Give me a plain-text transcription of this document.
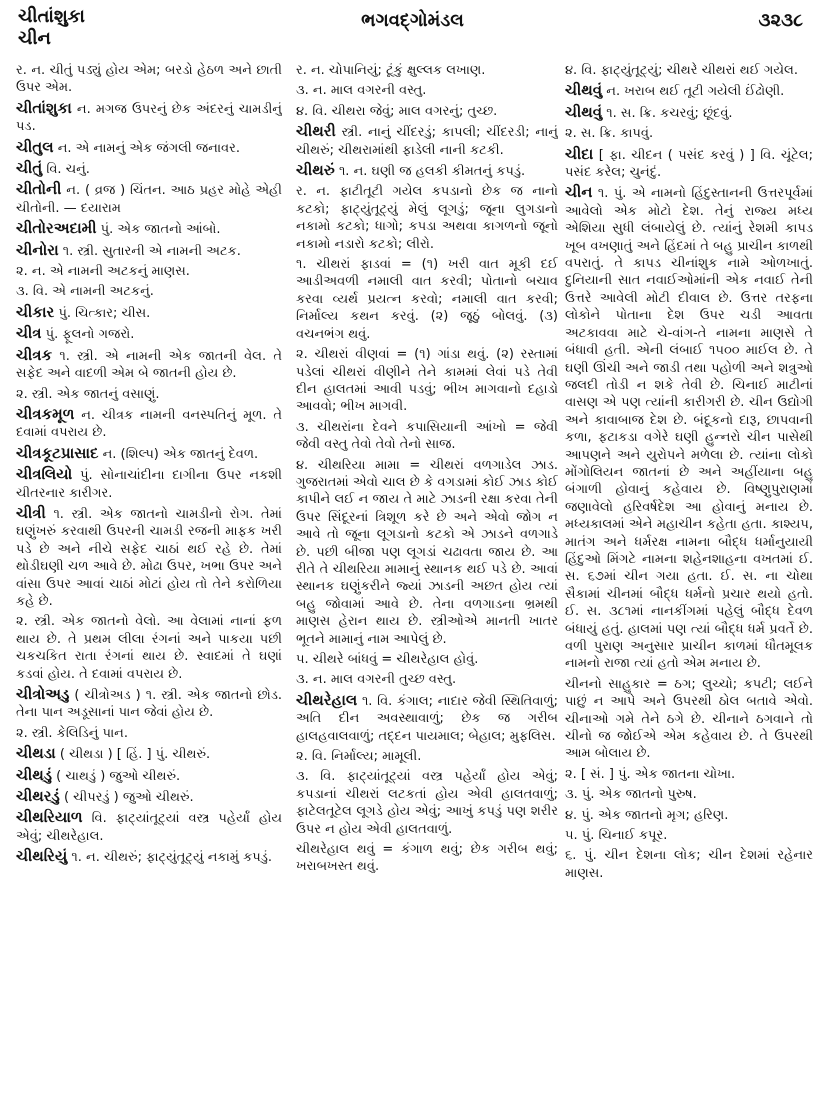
ચીતાંશુકા
ચીન
ભગવદ્ગોમંડલ	૩૨૩૮

ર. ન. ચીતું પડ્યું હોય એમ; બરડો હેઠળ અને છાતી ઉપર એમ.

ચીતાંશુકા ન. મગજ ઉપરનું છેક અંદરનું ચામડીનું પડ.

ચીતુલ ન. એ નામનું એક જંગલી જનાવર.

ચીતું વિ. ચનું.

ચીતોની ન. ( વ્રજ ) ચિંતન. આઠ પ્રહર મોહે એહી ચીતોની. — દયારામ

ચીતોરઅદામી પું. એક જાતનો આંબો.

ચીનોરા ૧. સ્ત્રી. સુતારની એ નામની અટક.

૨. ન. એ નામની અટકનું માણસ.

૩. વિ. એ નામની અટકનું.

ચીકાર પું. ચિત્કાર; ચીસ.

ચીત્ર પું. ફૂલનો ગજરો.

ચીત્રક ૧. સ્ત્રી. એ નામની એક જાતની વેલ. તે સફેદ અને વાદળી એમ બે જાતની હોય છે.

૨. સ્ત્રી. એક જાતનું વસાણું.

ચીત્રકમૂળ ન. ચીત્રક નામની વનસ્પતિનું મૂળ. તે દવામાં વપરાય છે.

ચીત્રકૂટપ્રાસાદ ન. (શિલ્પ) એક જાતનું દેવળ.

ચીત્રલિયો પું. સોનાચાંદીના દાગીના ઉપર નકશી ચીતરનાર કારીગર.

ચીત્રી ૧. સ્ત્રી. એક જાતનો ચામડીનો રોગ. તેમાં ઘણુંખરું કરવાથી ઉપરની ચામડી રજની માફક ખરી પડે છે અને નીચે સફેદ ચાઠાં થઈ રહે છે. તેમાં થોડીઘણી ચળ આવે છે. મોઢા ઉપર, ખભા ઉપર અને વાંસા ઉપર આવાં ચાઠાં મોટાં હોય તો તેને કરોળિયા કહે છે.

૨. સ્ત્રી. એક જાતનો વેલો. આ વેલામાં નાનાં ફળ થાય છે. તે પ્રથમ લીલા રંગનાં અને પાકયા પછી ચકચકિત રાતા રંગનાં થાય છે. સ્વાદમાં તે ઘણાં કડવાં હોય. તે દવામાં વપરાય છે.

ચીત્રોઅડુ ( ચીત્રોઅડ ) ૧. સ્ત્રી. એક જાતનો છોડ. તેના પાન અડૂસાનાં પાન જેવાં હોય છે.

૨. સ્ત્રી. કેલિડિનું પાન.

ચીથડા ( ચીથડા ) [ હિં. ] પું. ચીથરું.

ચીથડું ( ચાથડું ) જુઓ ચીથરું.

ચીથરડું ( ચીપરડું ) જુઓ ચીથરું.

ચીથરિયાળ વિ. ફાટ્યાંતૂટ્યાં વસ્ત્ર પહેર્યાં હોય એવું; ચીથરેહાલ.

ચીથરિયું ૧. ન. ચીથરું; ફાટ્યુંતૂટ્યું નકામું કપડું.

ર. ન. ચોપાનિયું; ટૂંકું ક્ષુલ્લક લખાણ.

૩. ન. માલ વગરની વસ્તુ.

૪. વિ. ચીથરા જેવું; માલ વગરનું; તુચ્છ.

ચીથરી સ્ત્રી. નાનું ચીંદરડું; કાપલી; ચીંદરડી; નાનું ચીથરું; ચીથરામાંથી ફાડેલી નાની કટકી.

ચીથરું ૧. ન. ઘણી જ હલકી કીમતનું કપડું.

ર. ન. ફાટીતૂટી ગયેલ કપડાનો છેક જ નાનો કટકો; ફાટ્યુંતૂટ્યું મેલું લૂગડું; જૂના લુગડાનો નકામો કટકો; ધાગો; કપડા અથવા કાગળનો જૂનો નકામો નડારો કટકો; લીરો.

૧. ચીથરાં ફાડવાં = (૧) ખરી વાત મૂકી દઈ આડીઅવળી નમાલી વાત કરવી; પોતાનો બચાવ કરવા વ્યર્થ પ્રયત્ન કરવો; નમાલી વાત કરવી; નિર્માલ્ય કથન કરવું. (૨) જૂઠું બોલવું. (૩) વચનભંગ થવું.

૨. ચીથરાં વીણવાં = (૧) ગાંડા થવું. (૨) રસ્તામાં પડેલાં ચીથરાં વીણીને તેને કામમાં લેવાં પડે તેવી દીન હાલતમાં આવી પડવું; ભીખ માગવાનો દહાડો આવવો; ભીખ માગવી.

૩. ચીથરાંના દેવને કપાસિયાની આંખો = જેવી જેવી વસ્તુ તેવો તેવો તેનો સાજ.

૪. ચીથરિયા મામા = ચીથરાં વળગાડેલ ઝાડ. ગુજરાતમાં એવો ચાલ છે કે વગડામાં કોઈ ઝાડ કોઈ કાપીને લઈ ન જાય તે માટે ઝાડની રક્ષા કરવા તેની ઉપર સિંદૂરનાં ત્રિશૂળ કરે છે અને એવો જોગ ન આવે તો જૂના લૂગડાનો કટકો એ ઝાડને વળગાડે છે. પછી બીજા પણ લૂગડાં ચઢાવતા જાય છે. આ રીતે તે ચીથરિયા મામાનું સ્થાનક થઈ પડે છે. આવાં સ્થાનક ઘણુંકરીને જ્યાં ઝાડની અછત હોય ત્યાં બહુ જોવામાં આવે છે. તેના વળગાડના ભ્રમથી માણસ હેરાન થાય છે. સ્ત્રીઓએ માનતી ખાતર ભૂતને મામાનું નામ આપેલું છે.

૫. ચીથરે બાંધવું = ચીથરેહાલ હોવું.

૩. ન. માલ વગરની તુચ્છ વસ્તુ.

ચીથરેહાલ ૧. વિ. કંગાલ; નાદાર જેવી સ્થિતિવાળું; અતિ દીન અવસ્થાવાળું; છેક જ ગરીબ હાલહવાલવાળું; તદ્દન પાયમાલ; બેહાલ; મુફલિસ.

૨. વિ. નિર્માલ્ય; મામૂલી.

૩. વિ. ફાટ્યાંતૂટ્યાં વસ્ત્ર પહેર્યાં હોય એવું; કપડાનાં ચીથરાં લટકતાં હોય એવી હાલતવાળું; ફાટેલતૂટેલ લૂગડે હોય એવું; આખું કપડું પણ શરીર ઉપર ન હોય એવી હાલતવાળું.

ચીથરેહાલ થવું = કંગાળ થવું; છેક ગરીબ થવું; ખરાબખસ્ત થવું.

૪. વિ. ફાટ્યુંતૂટ્યું; ચીથરે ચીથરાં થઈ ગયેલ.

ચીથવું ન. ખરાબ થઈ તૂટી ગયેલી ઈંઢોણી.

ચીથવું ૧. સ. ક્રિ. કચરવું; છૂંદવું.

૨. સ. ક્રિ. કાપવું.

ચીદા [ ફા. ચીદન ( પસંદ કરવું ) ] વિ. ચૂંટેલ; પસંદ કરેલ; ચુનંદું.

ચીન ૧. પું. એ નામનો હિંદુસ્તાનની ઉત્તરપૂર્વમાં આવેલો એક મોટો દેશ. તેનું રાજ્ય મધ્ય એશિયા સુધી લંબાયેલું છે. ત્યાંનું રેશમી કાપડ ખૂબ વખણાતું અને હિંદમાં તે બહુ પ્રાચીન કાળથી વપરાતું. તે કાપડ ચીનાંશુક નામે ઓળખાતું. દુનિયાની સાત નવાઈઓમાંની એક નવાઈ તેની ઉત્તરે આવેલી મોટી દીવાલ છે. ઉત્તર તરફના લોકોને પોતાના દેશ ઉપર ચડી આવતા અટકાવવા માટે ચે-વાંગ-તે નામના માણસે તે બંધાવી હતી. એની લંબાઈ ૧૫૦૦ માઈલ છે. તે ઘણી ઊંચી અને જાડી તથા પહોળી અને શત્રુઓ જલદી તોડી ન શકે તેવી છે. ચિનાઈ માટીનાં વાસણ એ પણ ત્યાંની કારીગરી છે. ચીન ઉદ્યોગી અને કાવાબાજ દેશ છે. બંદૂકનો દારૂ, છાપવાની કળા, ફટાકડા વગેરે ઘણી હુન્નરો ચીન પાસેથી આપણને અને યુરોપને મળેલા છે. ત્યાંના લોકો મોંગોલિયન જાતનાં છે અને અહીંયાના બહુ બંગાળી હોવાનું કહેવાય છે. વિષ્ણુપુરાણમાં જણાવેલો હરિવર્ષદેશ આ હોવાનું મનાય છે. મધ્યકાલમાં એને મહાચીન કહેતા હતા. કાશ્યપ, માતંગ અને ધર્મરક્ષ નામના બૌદ્ધ ધર્માનુયાયી હિંદુઓ મિંગટે નામના શહેનશાહના વખતમાં ઈ. સ. ૬૭માં ચીન ગયા હતા. ઈ. સ. ના ચોથા સૈકામાં ચીનમાં બૌદ્ધ ધર્મનો પ્રચાર થયો હતો. ઈ. સ. ૩૮૧માં નાનકીંગમાં પહેલું બૌદ્ધ દેવળ બંધાયું હતું. હાલમાં પણ ત્યાં બૌદ્ધ ધર્મ પ્રવર્તે છે. વળી પુરાણ અનુસાર પ્રાચીન કાળમાં ધૌતમૂલક નામનો રાજા ત્યાં હતો એમ મનાય છે.

ચીનનો સાહુકાર = ઠગ; લુચ્ચો; કપટી; લઈને પાછું ન આપે અને ઉપરથી ઠોલ બતાવે એવો. ચીનાઓ ગમે તેને ઠગે છે. ચીનાને ઠગવાને તો ચીનો જ જોઈએ એમ કહેવાય છે. તે ઉપરથી આમ બોલાય છે.

૨. [ સં. ] પું. એક જાતના ચોખા.

૩. પું. એક જાતનો પુરુષ.

૪. પું. એક જાતનો મૃગ; હરિણ.

૫. પું. ચિનાઈ કપૂર.

૬. પું. ચીન દેશના લોક; ચીન દેશમાં રહેનાર માણસ.
